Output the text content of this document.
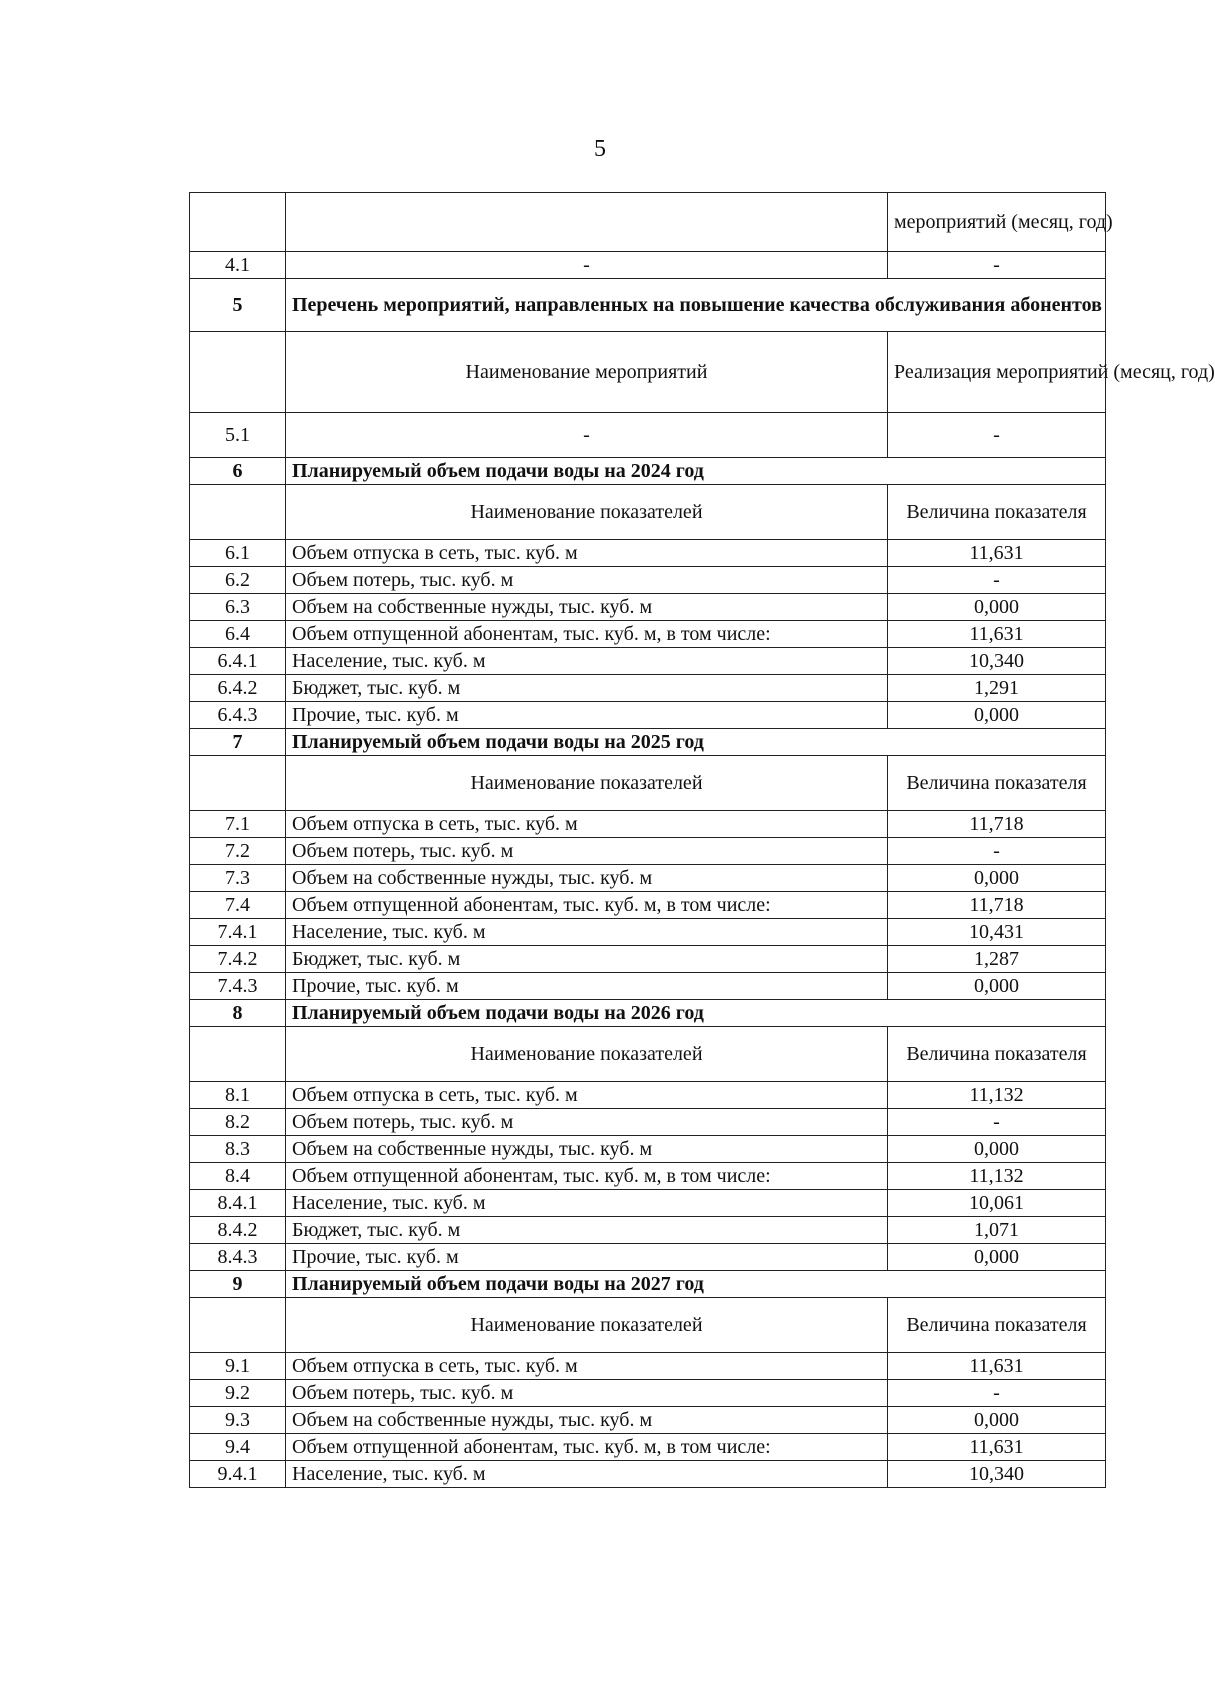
5
		мероприятий (месяц, год)
4.1	-	-
5	Перечень мероприятий, направленных на повышение качества обслуживания абонентов	
	Наименование мероприятий	Реализация мероприятий (месяц, год)
5.1	-	-
6	Планируемый объем подачи воды на 2024 год	
	Наименование показателей	Величина показателя
6.1	Объем отпуска в сеть, тыс. куб. м	11,631
6.2	Объем потерь, тыс. куб. м	-
6.3	Объем на собственные нужды, тыс. куб. м	0,000
6.4	Объем отпущенной абонентам, тыс. куб. м, в том числе:	11,631
6.4.1	Население, тыс. куб. м	10,340
6.4.2	Бюджет, тыс. куб. м	1,291
6.4.3	Прочие, тыс. куб. м	0,000
7	Планируемый объем подачи воды на 2025 год	
	Наименование показателей	Величина показателя
7.1	Объем отпуска в сеть, тыс. куб. м	11,718
7.2	Объем потерь, тыс. куб. м	-
7.3	Объем на собственные нужды, тыс. куб. м	0,000
7.4	Объем отпущенной абонентам, тыс. куб. м, в том числе:	11,718
7.4.1	Население, тыс. куб. м	10,431
7.4.2	Бюджет, тыс. куб. м	1,287
7.4.3	Прочие, тыс. куб. м	0,000
8	Планируемый объем подачи воды на 2026 год	
	Наименование показателей	Величина показателя
8.1	Объем отпуска в сеть, тыс. куб. м	11,132
8.2	Объем потерь, тыс. куб. м	-
8.3	Объем на собственные нужды, тыс. куб. м	0,000
8.4	Объем отпущенной абонентам, тыс. куб. м, в том числе:	11,132
8.4.1	Население, тыс. куб. м	10,061
8.4.2	Бюджет, тыс. куб. м	1,071
8.4.3	Прочие, тыс. куб. м	0,000
9	Планируемый объем подачи воды на 2027 год	
	Наименование показателей	Величина показателя
9.1	Объем отпуска в сеть, тыс. куб. м	11,631
9.2	Объем потерь, тыс. куб. м	-
9.3	Объем на собственные нужды, тыс. куб. м	0,000
9.4	Объем отпущенной абонентам, тыс. куб. м, в том числе:	11,631
9.4.1	Население, тыс. куб. м	10,340
